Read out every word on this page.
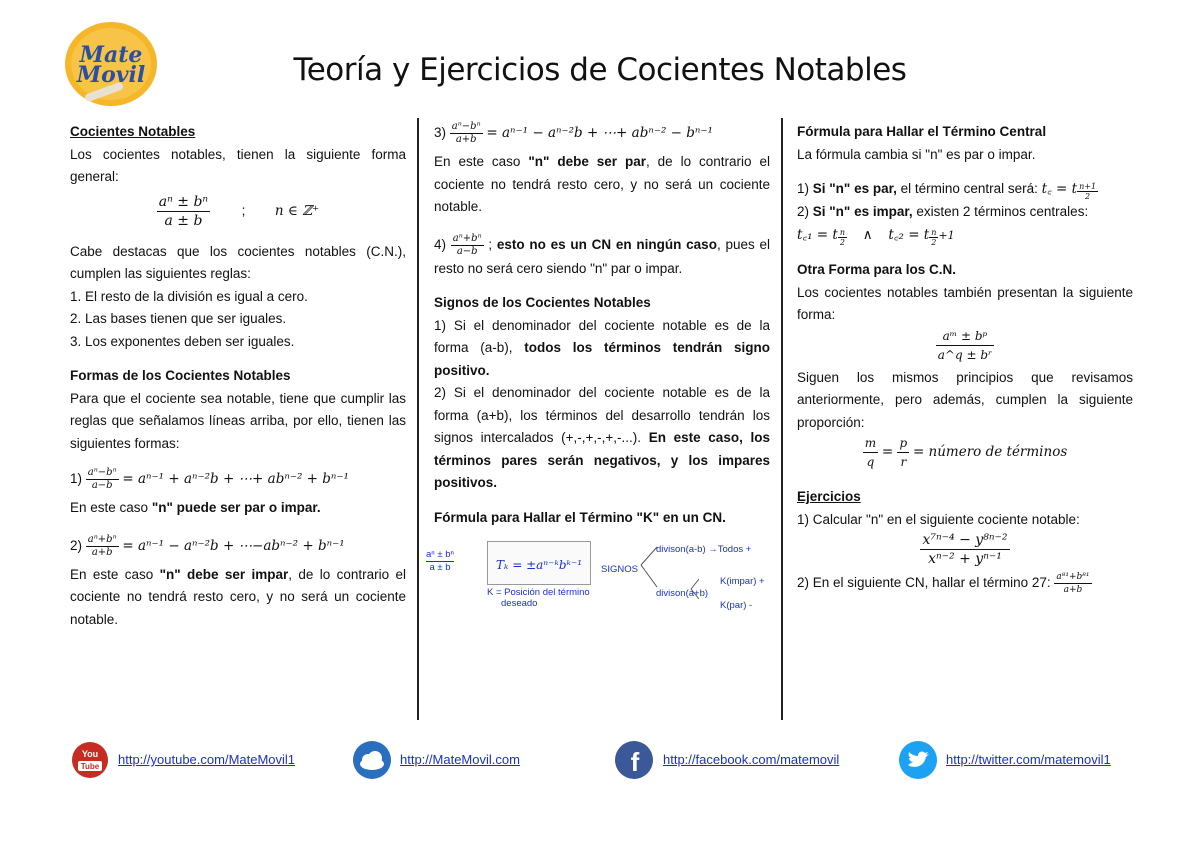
Mate
Movil	Teoría y Ejercicios de Cocientes Notables

Cocientes Notables

Los cocientes notables, tienen la siguiente forma general:

$\frac{\text{aⁿ ± bⁿ}}{a \pm b}$ ; n ∈ ℤ⁺

Cabe destacas que los cocientes notables (C.N.), cumplen las siguientes reglas:

1. El resto de la división es igual a cero.

2. Las bases tienen que ser iguales.

3. Los exponentes deben ser iguales.

Formas de los Cocientes Notables

Para que el cociente sea notable, tiene que cumplir las reglas que señalamos líneas arriba, por ello, tienen las siguientes formas:

$1) \frac{\text{aⁿ−bⁿ}}{a-b} = a^{n-1} + a^{n-2}b$ + ⋯+ abⁿ⁻² + bⁿ⁻¹

En este caso "n" puede ser par o impar.

$2) \frac{\text{aⁿ+bⁿ}}{a+b} = a^{n-1} - a^{n-2}b$ + ⋯−abⁿ⁻² + bⁿ⁻¹

En este caso "n" debe ser impar, de lo contrario el cociente no tendrá resto cero, y no será un cociente notable.

$3) \frac{\text{aⁿ−bⁿ}}{a+b} = a^{n-1} - a^{n-2}b$ + ⋯+ abⁿ⁻² − bⁿ⁻¹

En este caso "n" debe ser par, de lo contrario el cociente no tendrá resto cero, y no será un cociente notable.

$4) \frac{\text{aⁿ+bⁿ}}{a-b}$ ; esto no es un CN en ningún caso, pues el resto no será cero siendo "n" par o impar.

Signos de los Cocientes Notables

1) Si el denominador del cociente notable es de la forma (a-b), todos los términos tendrán signo positivo.

2) Si el denominador del cociente notable es de la forma (a+b), los términos del desarrollo tendrán los signos intercalados (+,-,+,-,+,-...). En este caso, los términos pares serán negativos, y los impares positivos.

Fórmula para Hallar el Término "K" en un CN.

aⁿ ± bⁿ
a ± b	Tₖ = ±aⁿ⁻ᵏbᵏ⁻¹
K = Posición del término
deseado
SIGNOS
divison(a-b) →Todos +
divison(a+b)
K(impar) +
K(par) -

Fórmula para Hallar el Término Central

La fórmula cambia si "n" es par o impar.

1) Si "n" es par, el término central será: t꜀ = t $\frac{n+1}{2}$

2) Si "n" es impar, existen 2 términos centrales:

t꜀₁ = t $\frac{n}{2}$ ∧ t꜀₂ = t $\frac{n}{2} +1$

Otra Forma para los C.N.

Los cocientes notables también presentan la siguiente forma:

$\frac{\text{aᵐ ± bᵖ}}{\text{a\textasciicircum{}q ± bʳ}}$

Siguen los mismos principios que revisamos anteriormente, pero además, cumplen la siguiente proporción:

$\frac{m}{q} = \frac{p}{r}$ = número de términos

Ejercicios

1) Calcular "n" en el siguiente cociente notable:

$\frac{\text{x⁷ⁿ⁻⁴ − y⁸ⁿ⁻²}}{\text{xⁿ⁻² + yⁿ⁻¹}}$
2) En el siguiente CN, hallar el término 27: $\frac{\text{a⁸¹+b⁸¹}}{a+b}$
You
Tube http://youtube.com/MateMovil1	http://MateMovil.com	f http://facebook.com/matemovil	http://twitter.com/matemovil1
